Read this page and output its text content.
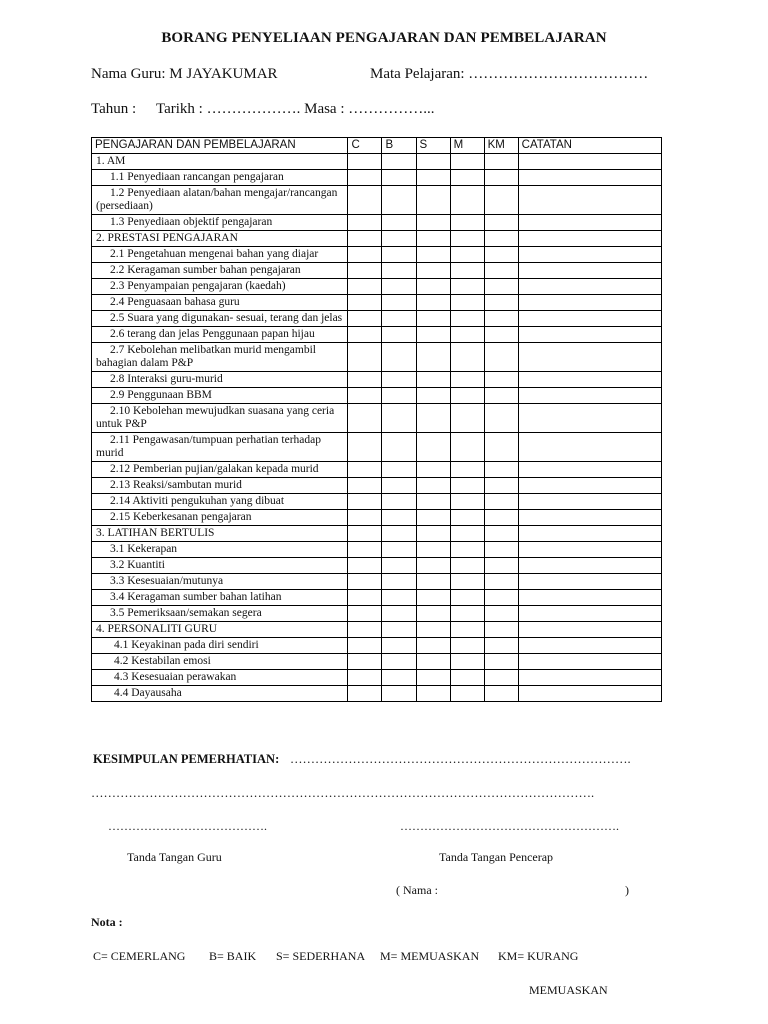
BORANG PENYELIAAN PENGAJARAN DAN PEMBELAJARAN
Nama Guru: M JAYAKUMAR	Mata Pelajaran: ………………………………
Tahun : Tarikh : ………………. Masa : ……………...
PENGAJARAN DAN PEMBELAJARAN	C	B	S	M	KM	CATATAN
1. AM						
1.1 Penyediaan rancangan pengajaran						
1.2 Penyediaan alatan/bahan mengajar/rancangan (persediaan)						
1.3 Penyediaan objektif pengajaran						
2. PRESTASI PENGAJARAN						
2.1 Pengetahuan mengenai bahan yang diajar						
2.2 Keragaman sumber bahan pengajaran						
2.3 Penyampaian pengajaran (kaedah)						
2.4 Penguasaan bahasa guru						
2.5 Suara yang digunakan- sesuai, terang dan jelas						
2.6 terang dan jelas Penggunaan papan hijau						
2.7 Kebolehan melibatkan murid mengambil bahagian dalam P&P						
2.8 Interaksi guru-murid						
2.9 Penggunaan BBM						
2.10 Kebolehan mewujudkan suasana yang ceria untuk P&P						
2.11 Pengawasan/tumpuan perhatian terhadap murid						
2.12 Pemberian pujian/galakan kepada murid						
2.13 Reaksi/sambutan murid						
2.14 Aktiviti pengukuhan yang dibuat						
2.15 Keberkesanan pengajaran						
3. LATIHAN BERTULIS						
3.1 Kekerapan						
3.2 Kuantiti						
3.3 Kesesuaian/mutunya						
3.4 Keragaman sumber bahan latihan						
3.5 Pemeriksaan/semakan segera						
4. PERSONALITI GURU						
4.1 Keyakinan pada diri sendiri						
4.2 Kestabilan emosi						
4.3 Kesesuaian perawakan						
4.4 Dayausaha						
KESIMPULAN PEMERHATIAN: ……………………………………………………………………….
………………………………………………………………………………………………………….
………………………………….	……………………………………………….
Tanda Tangan Guru	Tanda Tangan Pencerap
( Nama :	)
Nota :
C= CEMERLANG B= BAIK S= SEDERHANA M= MEMUASKAN KM= KURANG
MEMUASKAN
